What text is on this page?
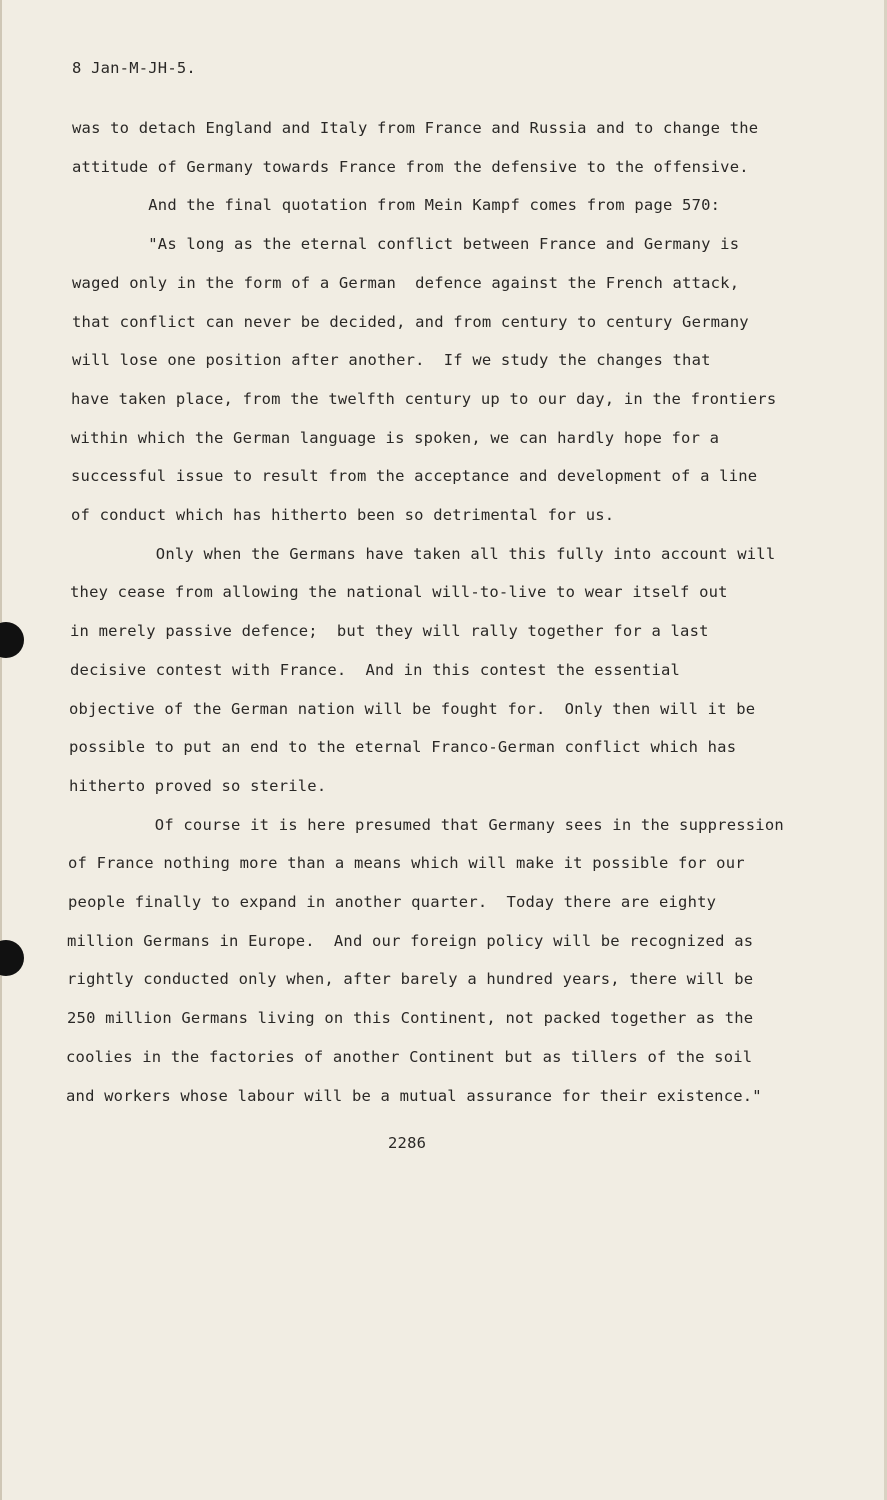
8 Jan-M-JH-5.

was to detach England and Italy from France and Russia and to change the

attitude of Germany towards France from the defensive to the offensive.

And the final quotation from Mein Kampf comes from page 570:

"As long as the eternal conflict between France and Germany is

waged only in the form of a German  defence against the French attack,

that conflict can never be decided, and from century to century Germany

will lose one position after another.  If we study the changes that

have taken place, from the twelfth century up to our day, in the frontiers

within which the German language is spoken, we can hardly hope for a

successful issue to result from the acceptance and development of a line

of conduct which has hitherto been so detrimental for us.

Only when the Germans have taken all this fully into account will

they cease from allowing the national will-to-live to wear itself out

in merely passive defence;  but they will rally together for a last

decisive contest with France.  And in this contest the essential

objective of the German nation will be fought for.  Only then will it be

possible to put an end to the eternal Franco-German conflict which has

hitherto proved so sterile.

Of course it is here presumed that Germany sees in the suppression

of France nothing more than a means which will make it possible for our

people finally to expand in another quarter.  Today there are eighty

million Germans in Europe.  And our foreign policy will be recognized as

rightly conducted only when, after barely a hundred years, there will be

250 million Germans living on this Continent, not packed together as the

coolies in the factories of another Continent but as tillers of the soil

and workers whose labour will be a mutual assurance for their existence."

2286
